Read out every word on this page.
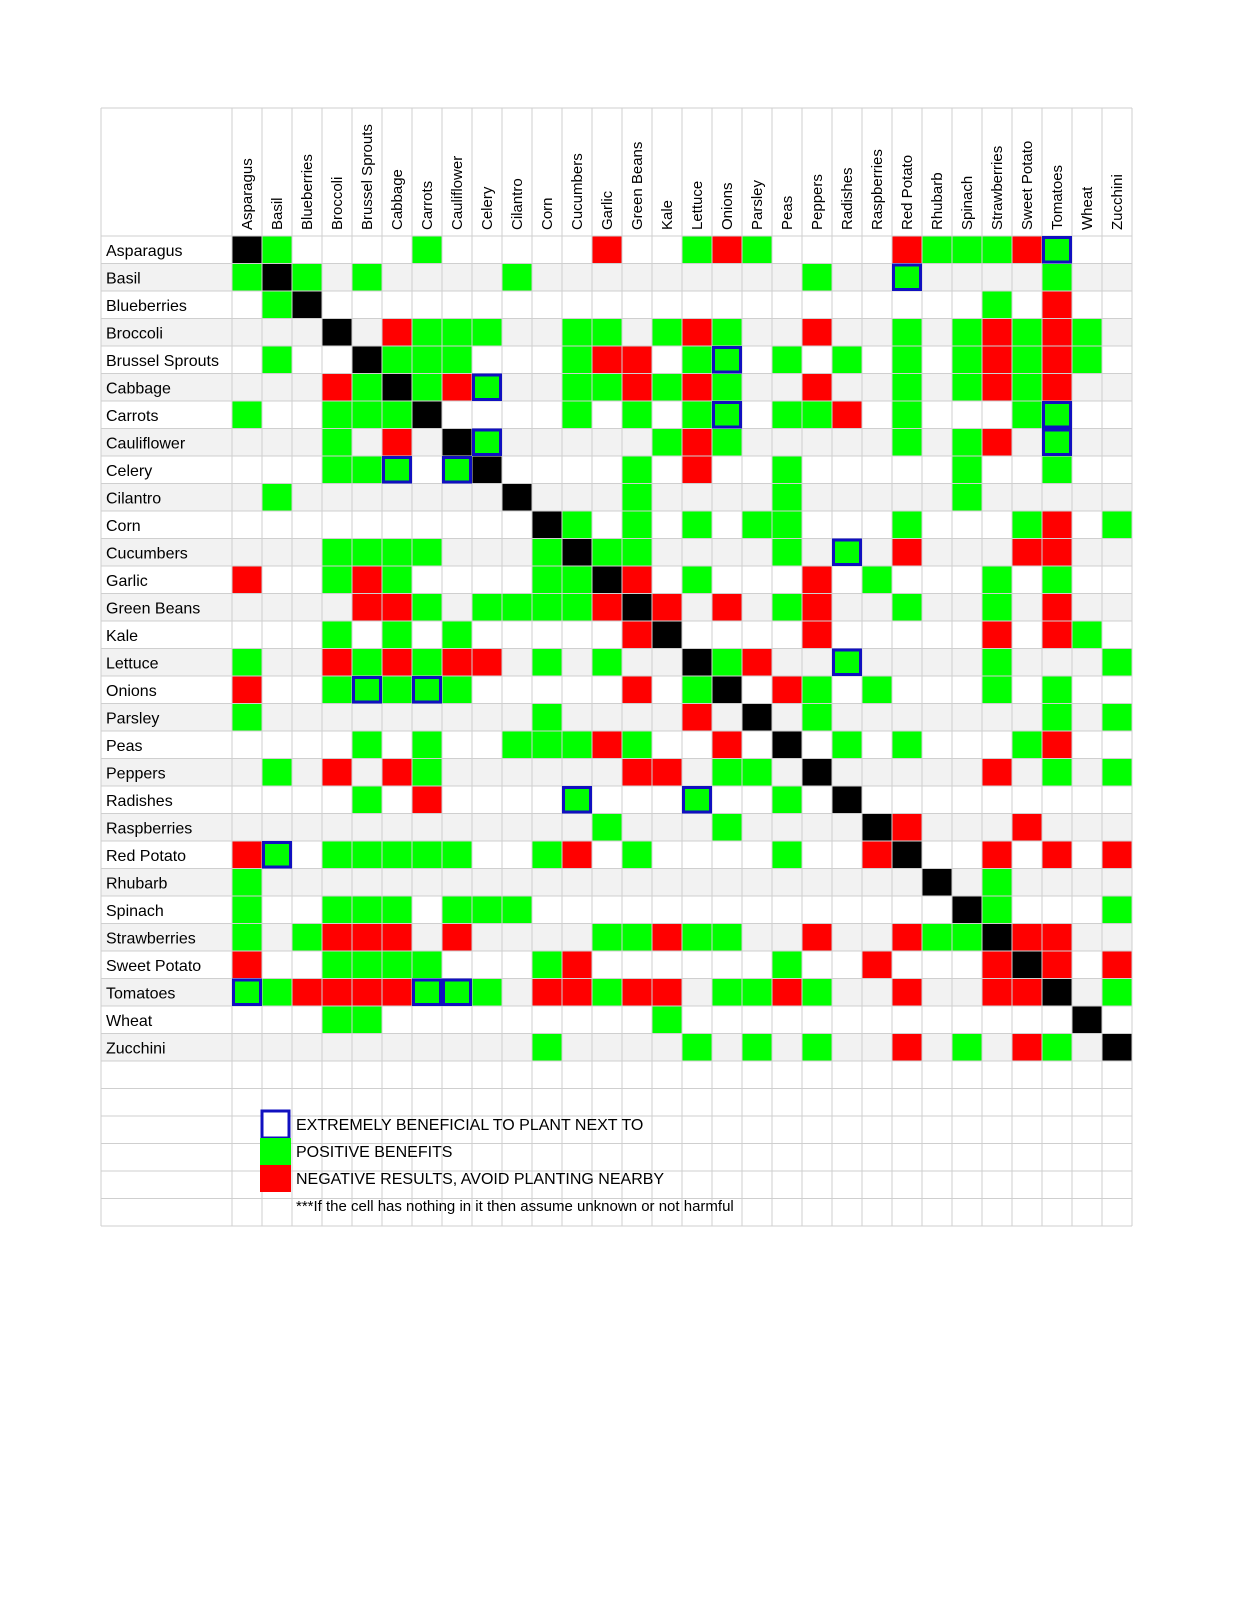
Asparagus
Basil
Blueberries
Broccoli
Brussel Sprouts
Cabbage
Carrots
Cauliflower
Celery
Cilantro
Corn
Cucumbers
Garlic
Green Beans
Kale
Lettuce
Onions
Parsley
Peas
Peppers
Radishes
Raspberries
Red Potato
Rhubarb
Spinach
Strawberries
Sweet Potato
Tomatoes
Wheat
Zucchini
Asparagus Basil Blueberries Broccoli Brussel Sprouts Cabbage Carrots Cauliflower Celery Cilantro Corn Cucumbers Garlic Green Beans Kale Lettuce Onions Parsley Peas Peppers Radishes Raspberries Red Potato Rhubarb Spinach Strawberries Sweet Potato Tomatoes Wheat Zucchini
EXTREMELY BENEFICIAL TO PLANT NEXT TO
POSITIVE BENEFITS
NEGATIVE RESULTS, AVOID PLANTING NEARBY
***If the cell has nothing in it then assume unknown or not harmful
